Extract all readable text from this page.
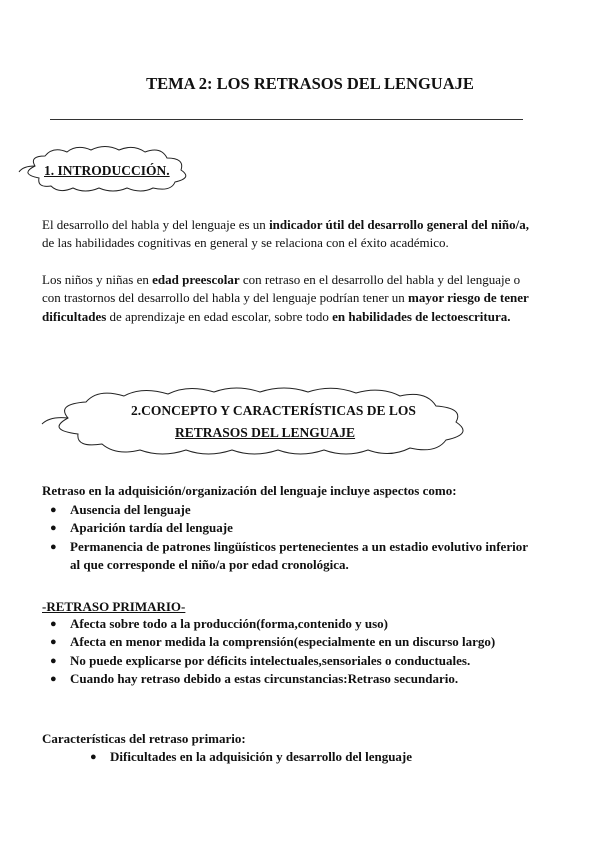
TEMA 2: LOS RETRASOS DEL LENGUAJE
1. INTRODUCCIÓN.
El desarrollo del habla y del lenguaje es un indicador útil del desarrollo general del niño/a, de las habilidades cognitivas en general y se relaciona con el éxito académico.
Los niños y niñas en edad preescolar con retraso en el desarrollo del habla y del lenguaje o con trastornos del desarrollo del habla y del lenguaje podrían tener un mayor riesgo de tener dificultades de aprendizaje en edad escolar, sobre todo en habilidades de lectoescritura.
2.CONCEPTO Y CARACTERÍSTICAS DE LOS
RETRASOS DEL LENGUAJE
Retraso en la adquisición/organización del lenguaje incluye aspectos como:
● Ausencia del lenguaje
● Aparición tardía del lenguaje
● Permanencia de patrones lingüísticos pertenecientes a un estadio evolutivo inferior al que corresponde el niño/a por edad cronológica.
-RETRASO PRIMARIO-
● Afecta sobre todo a la producción(forma,contenido y uso)
● Afecta en menor medida la comprensión(especialmente en un discurso largo)
● No puede explicarse por déficits intelectuales,sensoriales o conductuales.
● Cuando hay retraso debido a estas circunstancias:Retraso secundario.
Características del retraso primario:
● Dificultades en la adquisición y desarrollo del lenguaje
